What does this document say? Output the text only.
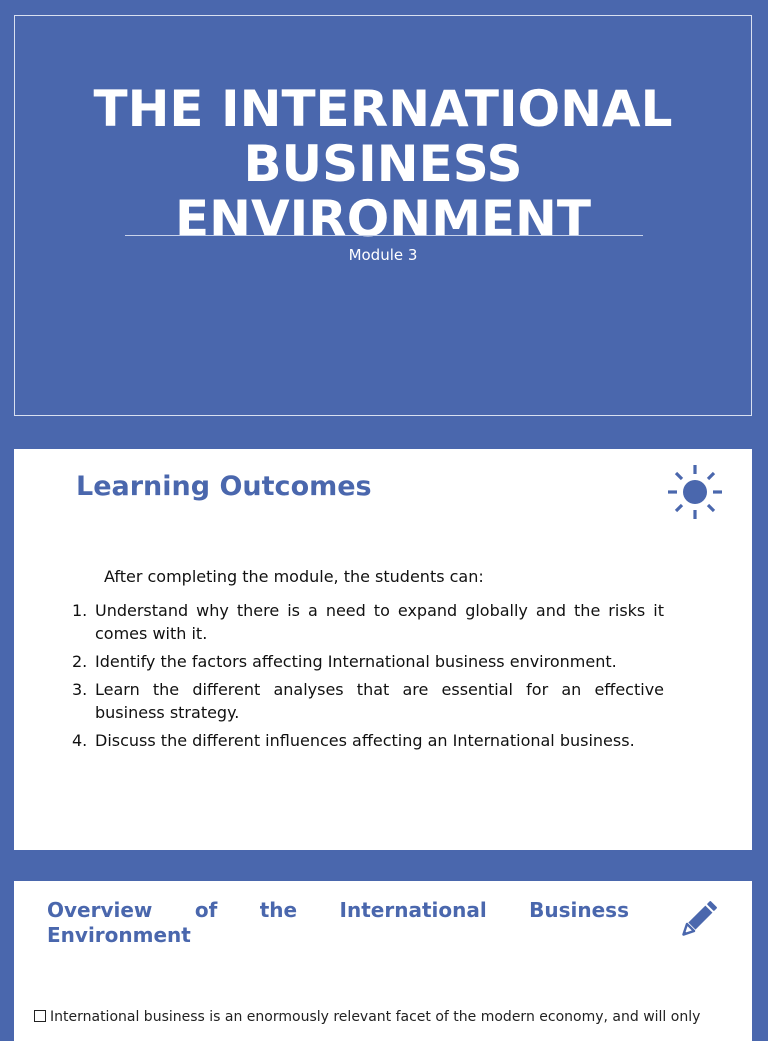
THE INTERNATIONAL
BUSINESS
ENVIRONMENT
Module 3
Learning Outcomes
After completing the module, the students can:
1. Understand why there is a need to expand globally and the risks it comes with it.
2. Identify the factors affecting International business environment.
3. Learn the different analyses that are essential for an effective business strategy.
4. Discuss the different influences affecting an International business.
Overview of the International Business
Environment
International business is an enormously relevant facet of the modern economy, and will only
